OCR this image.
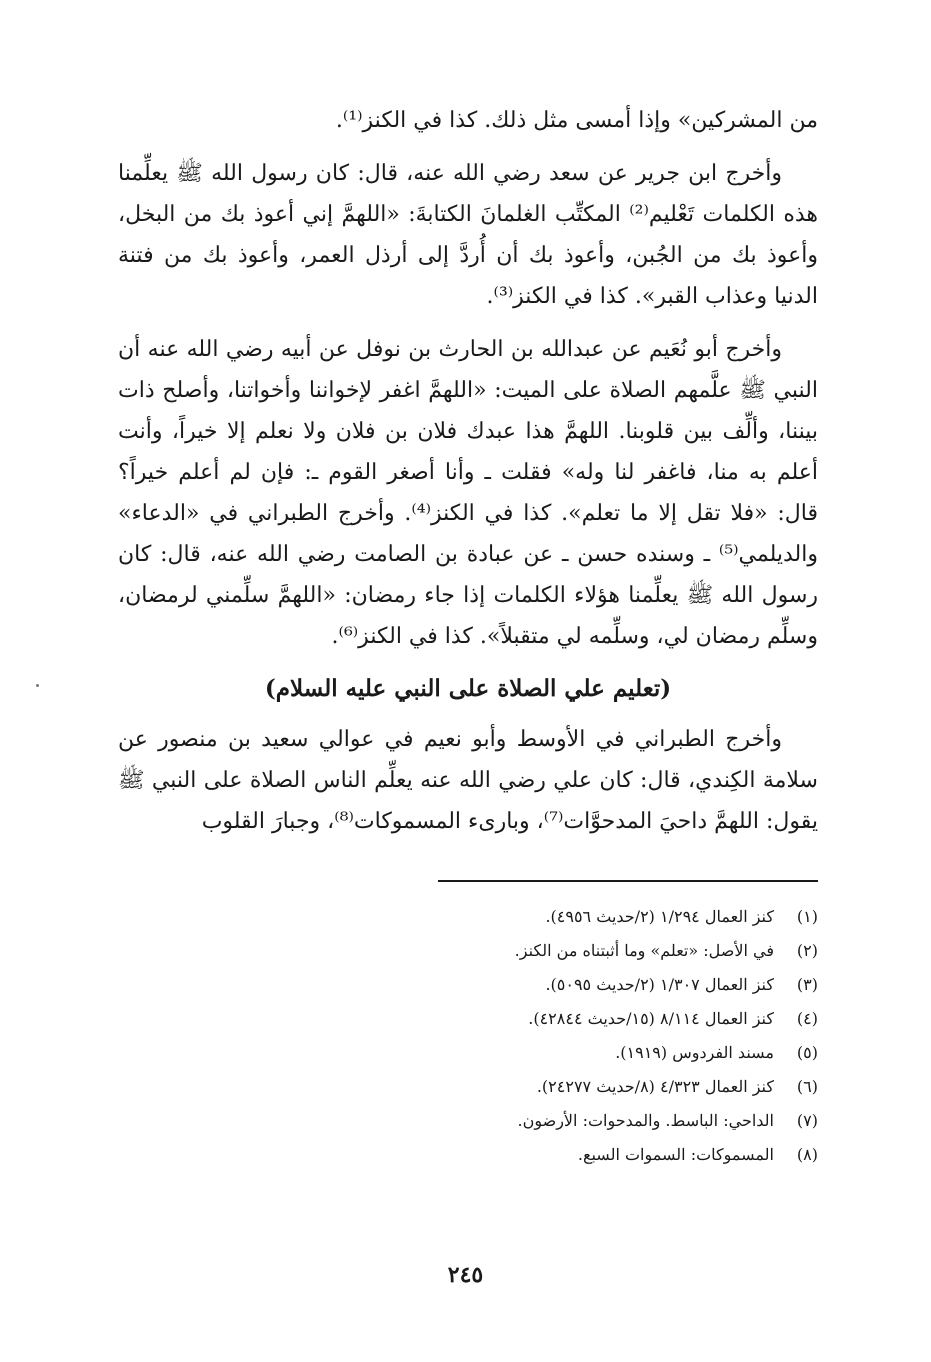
من المشركين» وإذا أمسى مثل ذلك. كذا في الكنز⁽¹⁾.

وأخرج ابن جرير عن سعد رضي الله عنه، قال: كان رسول الله ﷺ يعلِّمنا هذه الكلمات تَعْليم⁽²⁾ المكتِّب الغلمانَ الكتابةَ: «اللهمَّ إني أعوذ بك من البخل، وأعوذ بك من الجُبن، وأعوذ بك أن أُردَّ إلى أرذل العمر، وأعوذ بك من فتنة الدنيا وعذاب القبر». كذا في الكنز⁽³⁾.

وأخرج أبو نُعَيم عن عبدالله بن الحارث بن نوفل عن أبيه رضي الله عنه أن النبي ﷺ علَّمهم الصلاة على الميت: «اللهمَّ اغفر لإخواننا وأخواتنا، وأصلح ذات بيننا، وألِّف بين قلوبنا. اللهمَّ هذا عبدك فلان بن فلان ولا نعلم إلا خيراً، وأنت أعلم به منا، فاغفر لنا وله» فقلت ـ وأنا أصغر القوم ـ: فإن لم أعلم خيراً؟ قال: «فلا تقل إلا ما تعلم». كذا في الكنز⁽⁴⁾. وأخرج الطبراني في «الدعاء» والديلمي⁽⁵⁾ ـ وسنده حسن ـ عن عبادة بن الصامت رضي الله عنه، قال: كان رسول الله ﷺ يعلِّمنا هؤلاء الكلمات إذا جاء رمضان: «اللهمَّ سلِّمني لرمضان، وسلِّم رمضان لي، وسلِّمه لي متقبلاً». كذا في الكنز⁽⁶⁾.

(تعليم علي الصلاة على النبي عليه السلام)

وأخرج الطبراني في الأوسط وأبو نعيم في عوالي سعيد بن منصور عن سلامة الكِندي، قال: كان علي رضي الله عنه يعلِّم الناس الصلاة على النبي ﷺ يقول: اللهمَّ داحيَ المدحوَّات⁽⁷⁾، وبارىء المسموكات⁽⁸⁾، وجبارَ القلوب

(١)
كنز العمال ١/٢٩٤ (٢/حديث ٤٩٥٦).
(٢)
في الأصل: «تعلم» وما أثبتناه من الكنز.
(٣)
كنز العمال ١/٣٠٧ (٢/حديث ٥٠٩٥).
(٤)
كنز العمال ٨/١١٤ (١٥/حديث ٤٢٨٤٤).
(٥)
مسند الفردوس (١٩١٩).
(٦)
كنز العمال ٤/٣٢٣ (٨/حديث ٢٤٢٧٧).
(٧)
الداحي: الباسط. والمدحوات: الأرضون.
(٨)
المسموكات: السموات السبع.
٢٤٥
